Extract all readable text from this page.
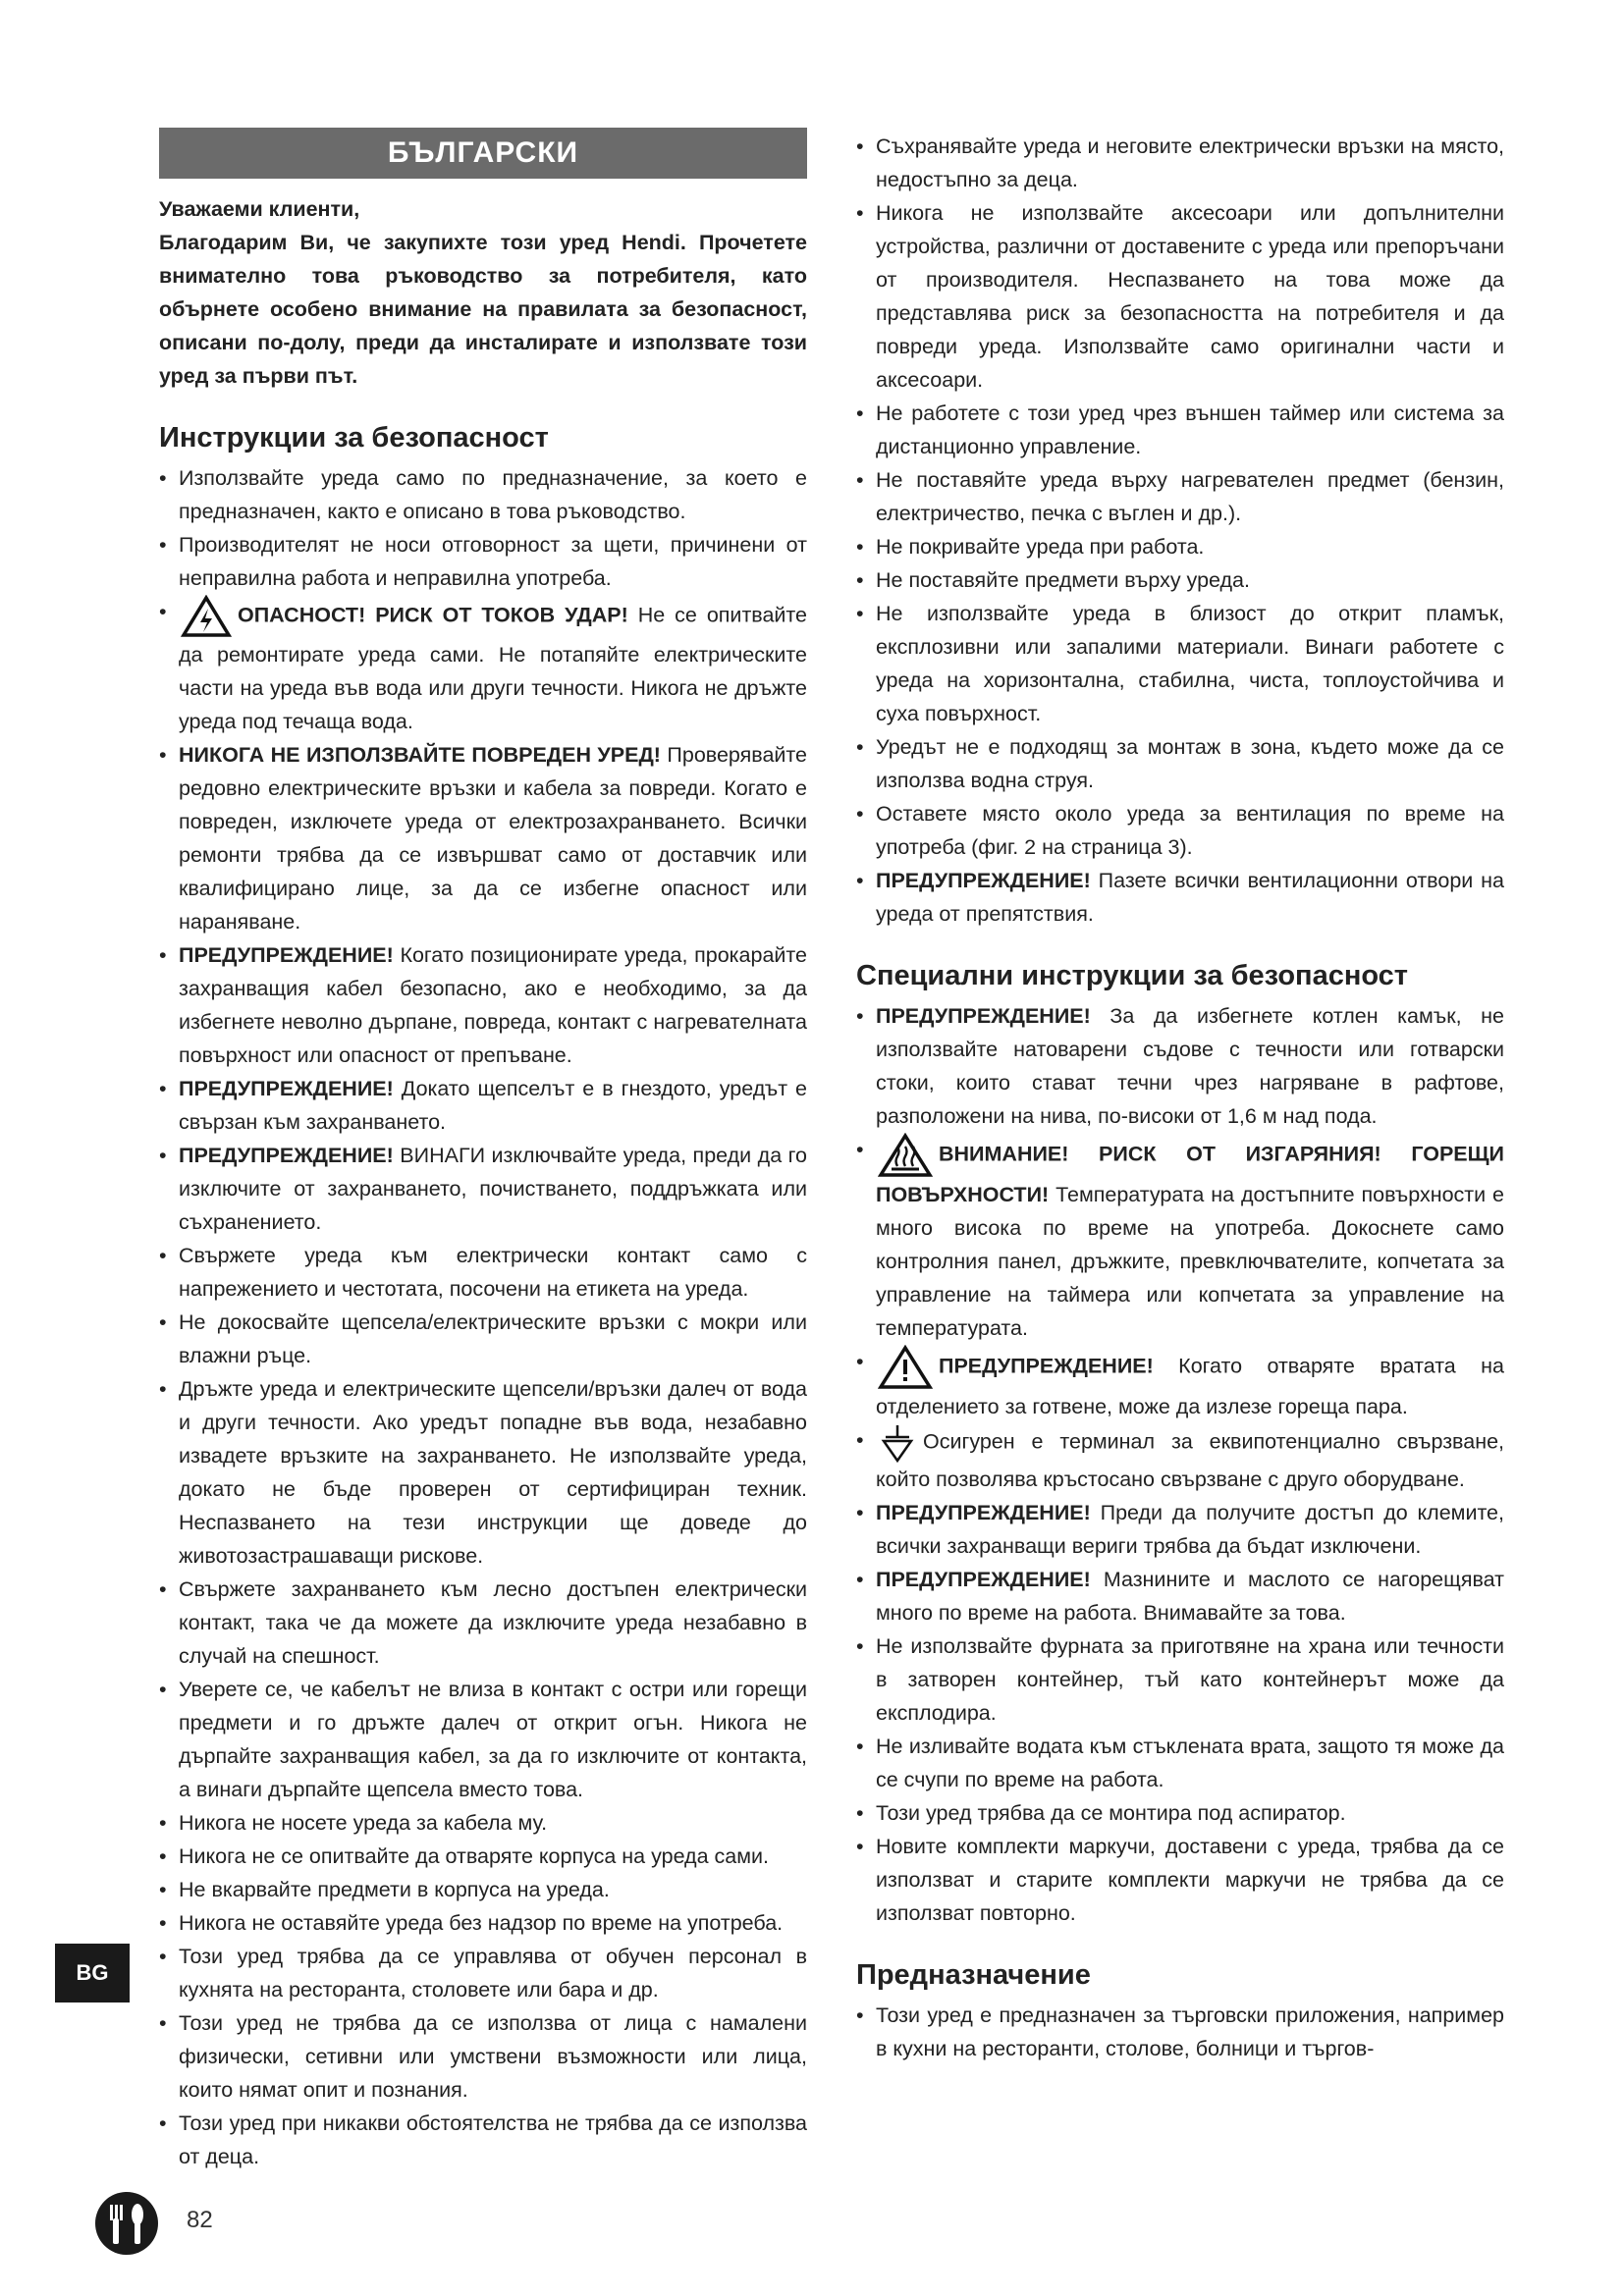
БЪЛГАРСКИ

Уважаеми клиенти,

Благодарим Ви, че закупихте този уред Hendi. Прочетете внимателно това ръководство за потребителя, като обърнете особено внимание на правилата за безопасност, описани по-долу, преди да инсталирате и използвате този уред за първи път.

Инструкции за безопасност
• Използвайте уреда само по предназначение, за което е предназначен, както е описано в това ръководство.
• Производителят не носи отговорност за щети, причинени от неправилна работа и неправилна употреба.
• ОПАСНОСТ! РИСК ОТ ТОКОВ УДАР! Не се опитвайте да ремонтирате уреда сами. Не потапяйте електрическите части на уреда във вода или други течности. Никога не дръжте уреда под течаща вода.
• НИКОГА НЕ ИЗПОЛЗВАЙТЕ ПОВРЕДЕН УРЕД! Проверявайте редовно електрическите връзки и кабела за повреди. Когато е повреден, изключете уреда от електрозахранването. Всички ремонти трябва да се извършват само от доставчик или квалифицирано лице, за да се избегне опасност или нараняване.
• ПРЕДУПРЕЖДЕНИЕ! Когато позиционирате уреда, прокарайте захранващия кабел безопасно, ако е необходимо, за да избегнете неволно дърпане, повреда, контакт с нагревателната повърхност или опасност от препъване.
• ПРЕДУПРЕЖДЕНИЕ! Докато щепселът е в гнездото, уредът е свързан към захранването.
• ПРЕДУПРЕЖДЕНИЕ! ВИНАГИ изключвайте уреда, преди да го изключите от захранването, почистването, поддръжката или съхранението.
• Свържете уреда към електрически контакт само с напрежението и честотата, посочени на етикета на уреда.
• Не докосвайте щепсела/електрическите връзки с мокри или влажни ръце.
• Дръжте уреда и електрическите щепсели/връзки далеч от вода и други течности. Ако уредът попадне във вода, незабавно извадете връзките на захранването. Не използвайте уреда, докато не бъде проверен от сертифициран техник. Неспазването на тези инструкции ще доведе до животозастрашаващи рискове.
• Свържете захранването към лесно достъпен електрически контакт, така че да можете да изключите уреда незабавно в случай на спешност.
• Уверете се, че кабелът не влиза в контакт с остри или горещи предмети и го дръжте далеч от открит огън. Никога не дърпайте захранващия кабел, за да го изключите от контакта, а винаги дърпайте щепсела вместо това.
• Никога не носете уреда за кабела му.
• Никога не се опитвайте да отваряте корпуса на уреда сами.
• Не вкарвайте предмети в корпуса на уреда.
• Никога не оставяйте уреда без надзор по време на употреба.
• Този уред трябва да се управлява от обучен персонал в кухнята на ресторанта, столовете или бара и др.
• Този уред не трябва да се използва от лица с намалени физически, сетивни или умствени възможности или лица, които нямат опит и познания.
• Този уред при никакви обстоятелства не трябва да се използва от деца.
• Съхранявайте уреда и неговите електрически връзки на място, недостъпно за деца.
• Никога не използвайте аксесоари или допълнителни устройства, различни от доставените с уреда или препоръчани от производителя. Неспазването на това може да представлява риск за безопасността на потребителя и да повреди уреда. Използвайте само оригинални части и аксесоари.
• Не работете с този уред чрез външен таймер или система за дистанционно управление.
• Не поставяйте уреда върху нагревателен предмет (бензин, електричество, печка с въглен и др.).
• Не покривайте уреда при работа.
• Не поставяйте предмети върху уреда.
• Не използвайте уреда в близост до открит пламък, експлозивни или запалими материали. Винаги работете с уреда на хоризонтална, стабилна, чиста, топлоустойчива и суха повърхност.
• Уредът не е подходящ за монтаж в зона, където може да се използва водна струя.
• Оставете място около уреда за вентилация по време на употреба (фиг. 2 на страница 3).
• ПРЕДУПРЕЖДЕНИЕ! Пазете всички вентилационни отвори на уреда от препятствия.
Специални инструкции за безопасност
• ПРЕДУПРЕЖДЕНИЕ! За да избегнете котлен камък, не използвайте натоварени съдове с течности или готварски стоки, които стават течни чрез нагряване в рафтове, разположени на нива, по-високи от 1,6 м над пода.
• ВНИМАНИЕ! РИСК ОТ ИЗГАРЯНИЯ! ГОРЕЩИ ПОВЪРХНОСТИ! Температурата на достъпните повърхности е много висока по време на употреба. Докоснете само контролния панел, дръжките, превключвателите, копчетата за управление на таймера или копчетата за управление на температурата.
• ПРЕДУПРЕЖДЕНИЕ! Когато отваряте вратата на отделението за готвене, може да излезе гореща пара.
• Осигурен е терминал за еквипотенциално свързване, който позволява кръстосано свързване с друго оборудване.
• ПРЕДУПРЕЖДЕНИЕ! Преди да получите достъп до клемите, всички захранващи вериги трябва да бъдат изключени.
• ПРЕДУПРЕЖДЕНИЕ! Мазнините и маслото се нагорещяват много по време на работа. Внимавайте за това.
• Не използвайте фурната за приготвяне на храна или течности в затворен контейнер, тъй като контейнерът може да експлодира.
• Не изливайте водата към стъклената врата, защото тя може да се счупи по време на работа.
• Този уред трябва да се монтира под аспиратор.
• Новите комплекти маркучи, доставени с уреда, трябва да се използват и старите комплекти маркучи не трябва да се използват повторно.
Предназначение
• Този уред е предназначен за търговски приложения, например в кухни на ресторанти, столове, болници и търгов-
BG
82
